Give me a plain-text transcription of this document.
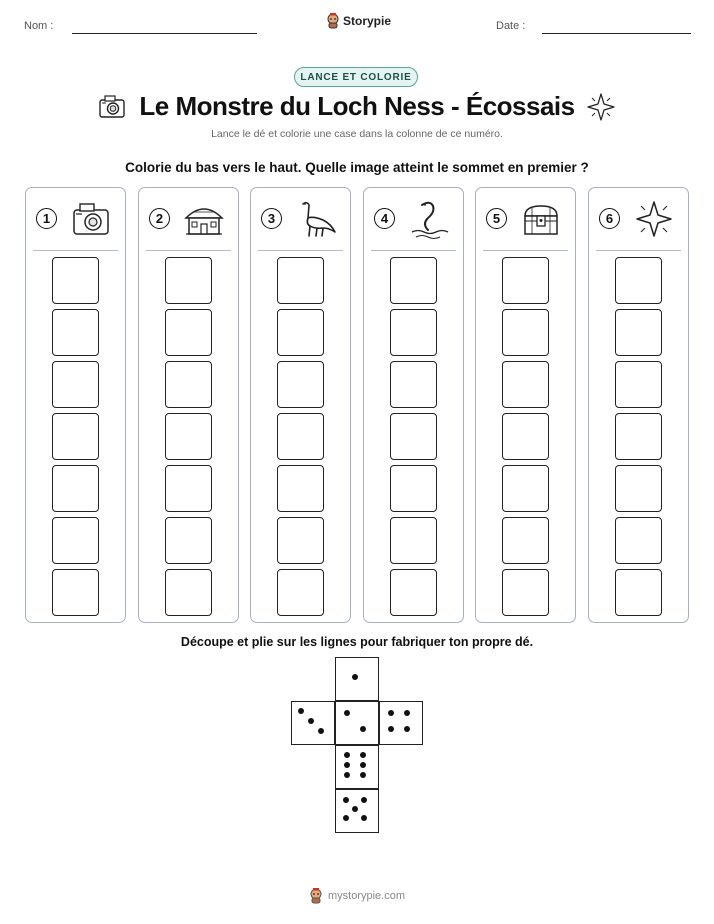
Nom :	Storypie	Date :
LANCE ET COLORIE
Le Monstre du Loch Ness - Écossais
Lance le dé et colorie une case dans la colonne de ce numéro.
Colorie du bas vers le haut. Quelle image atteint le sommet en premier ?
1	2	3	4	5	6
Découpe et plie sur les lignes pour fabriquer ton propre dé.
mystorypie.com
